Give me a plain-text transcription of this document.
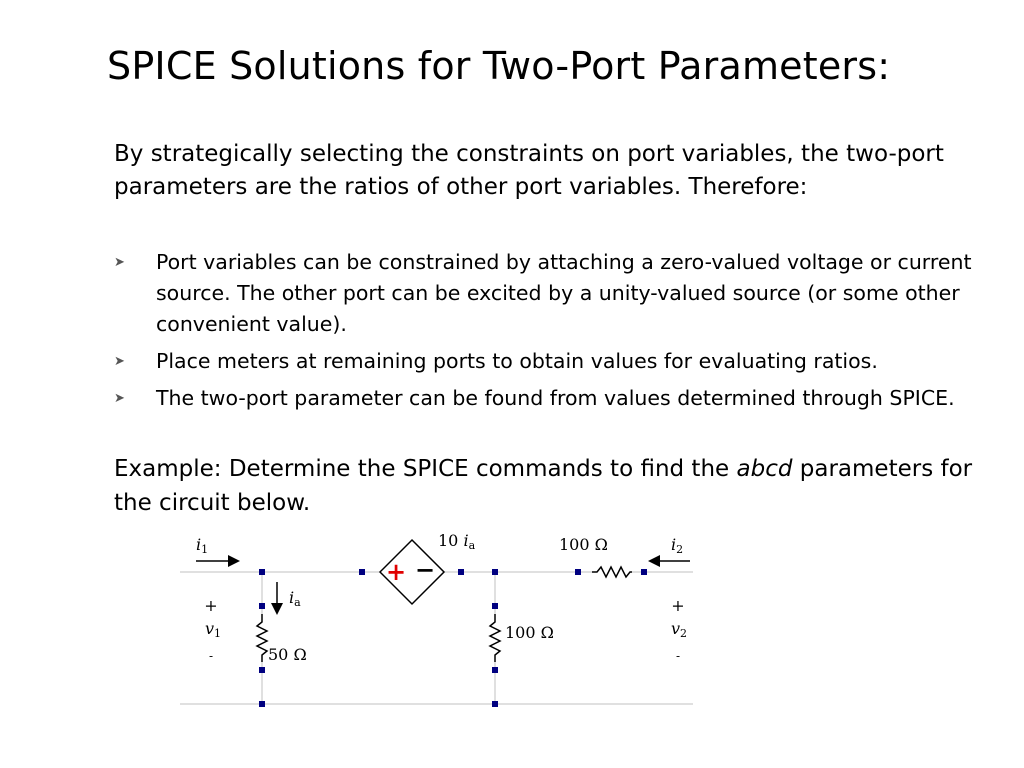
SPICE Solutions for Two-Port Parameters:
By strategically selecting the constraints on port variables, the two-port parameters are the ratios of other port variables. Therefore:
➤ Port variables can be constrained by attaching a zero-valued voltage or current source. The other port can be excited by a unity-valued source (or some other convenient value).
➤ Place meters at remaining ports to obtain values for evaluating ratios.
➤ The two-port parameter can be found from values determined through SPICE.
Example: Determine the SPICE commands to find the abcd parameters for the circuit below.
+ −
i1	10 ia	100 Ω	i2
ia
50 Ω
100 Ω
+
v1
-
+
v2
-
